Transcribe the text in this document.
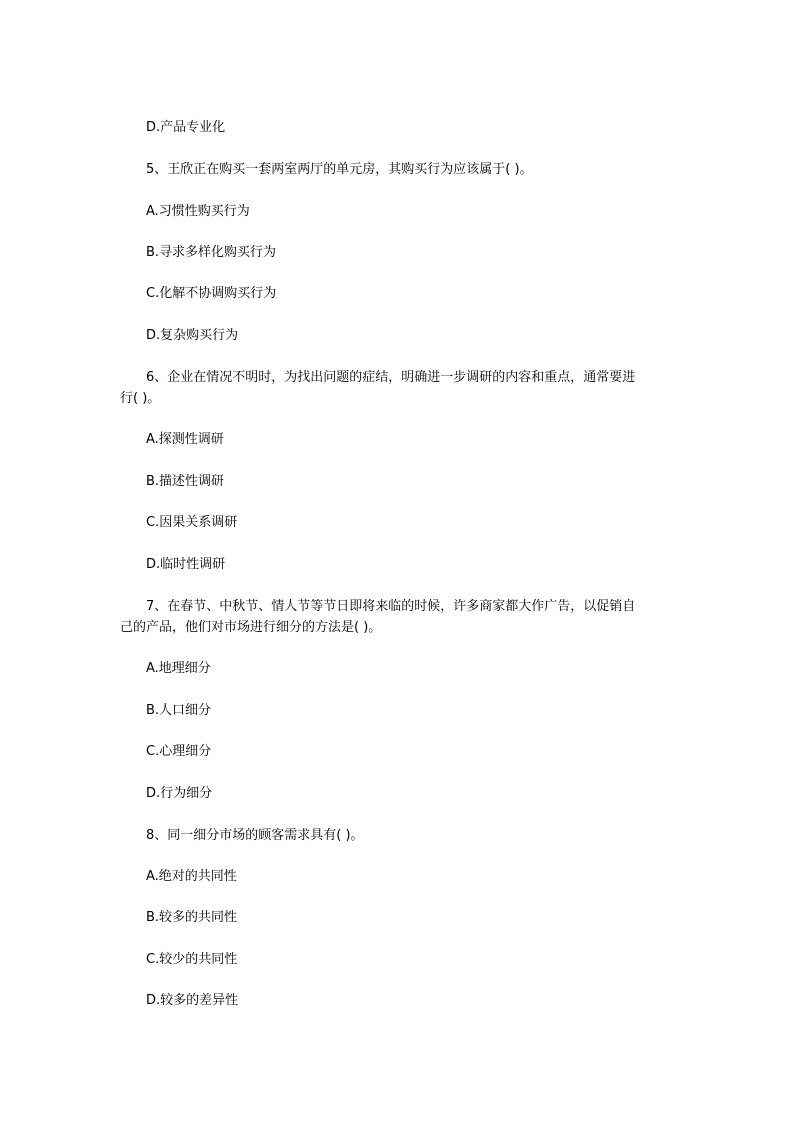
D.产品专业化
5、王欣正在购买一套两室两厅的单元房，其购买行为应该属于( )。
A.习惯性购买行为
B.寻求多样化购买行为
C.化解不协调购买行为
D.复杂购买行为
6、企业在情况不明时，为找出问题的症结，明确进一步调研的内容和重点，通常要进
行( )。
A.探测性调研
B.描述性调研
C.因果关系调研
D.临时性调研
7、在春节、中秋节、情人节等节日即将来临的时候，许多商家都大作广告，以促销自
己的产品，他们对市场进行细分的方法是( )。
A.地理细分
B.人口细分
C.心理细分
D.行为细分
8、同一细分市场的顾客需求具有( )。
A.绝对的共同性
B.较多的共同性
C.较少的共同性
D.较多的差异性
